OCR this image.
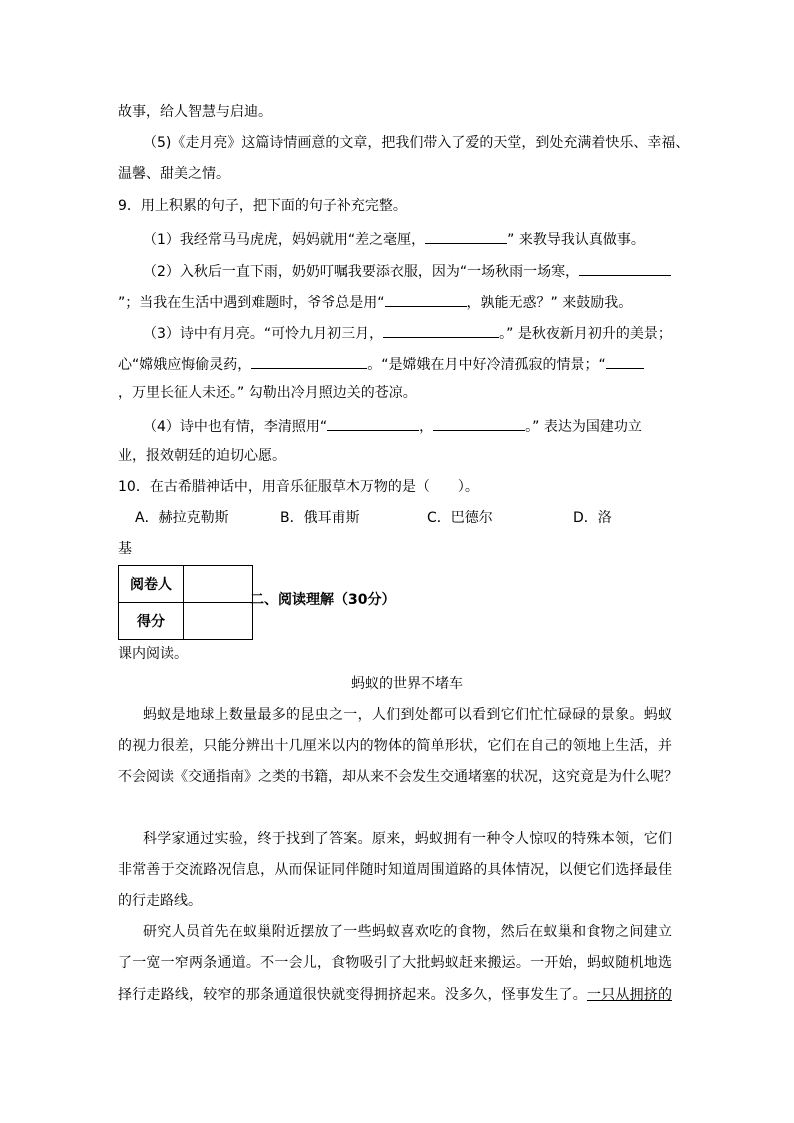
故事，给人智慧与启迪。
（5)《走月亮》这篇诗情画意的文章，把我们带入了爱的天堂，到处充满着快乐、幸福、
温馨、甜美之情。
9．用上积累的句子，把下面的句子补充完整。
（1）我经常马马虎虎，妈妈就用“差之毫厘，	” 来教导我认真做事。
（2）入秋后一直下雨，奶奶叮嘱我要添衣服，因为“一场秋雨一场寒，
”；当我在生活中遇到难题时，爷爷总是用“	，孰能无惑？” 来鼓励我。
（3）诗中有月亮。“可怜九月初三月，	。” 是秋夜新月初升的美景；
心“嫦娥应悔偷灵药，	。“是嫦娥在月中好冷清孤寂的情景；“
，万里长征人未还。” 勾勒出冷月照边关的苍凉。
（4）诗中也有情，李清照用“	，	。” 表达为国建功立
业，报效朝廷的迫切心愿。
10．在古希腊神话中，用音乐征服草木万物的是（　　）。
A．赫拉克勒斯	B．俄耳甫斯	C．巴德尔	D．洛
基
阅卷人	
得分	
二、阅读理解（30分）
课内阅读。
蚂蚁的世界不堵车
蚂蚁是地球上数量最多的昆虫之一，人们到处都可以看到它们忙忙碌碌的景象。蚂蚁
的视力很差，只能分辨出十几厘米以内的物体的简单形状，它们在自己的领地上生活，并
不会阅读《交通指南》之类的书籍，却从来不会发生交通堵塞的状况，这究竟是为什么呢？
科学家通过实验，终于找到了答案。原来，蚂蚁拥有一种令人惊叹的特殊本领，它们
非常善于交流路况信息，从而保证同伴随时知道周围道路的具体情况，以便它们选择最佳
的行走路线。
研究人员首先在蚁巢附近摆放了一些蚂蚁喜欢吃的食物，然后在蚁巢和食物之间建立
了一宽一窄两条通道。不一会儿，食物吸引了大批蚂蚁赶来搬运。一开始，蚂蚁随机地选
择行走路线，较窄的那条通道很快就变得拥挤起来。没多久，怪事发生了。一只从拥挤的
